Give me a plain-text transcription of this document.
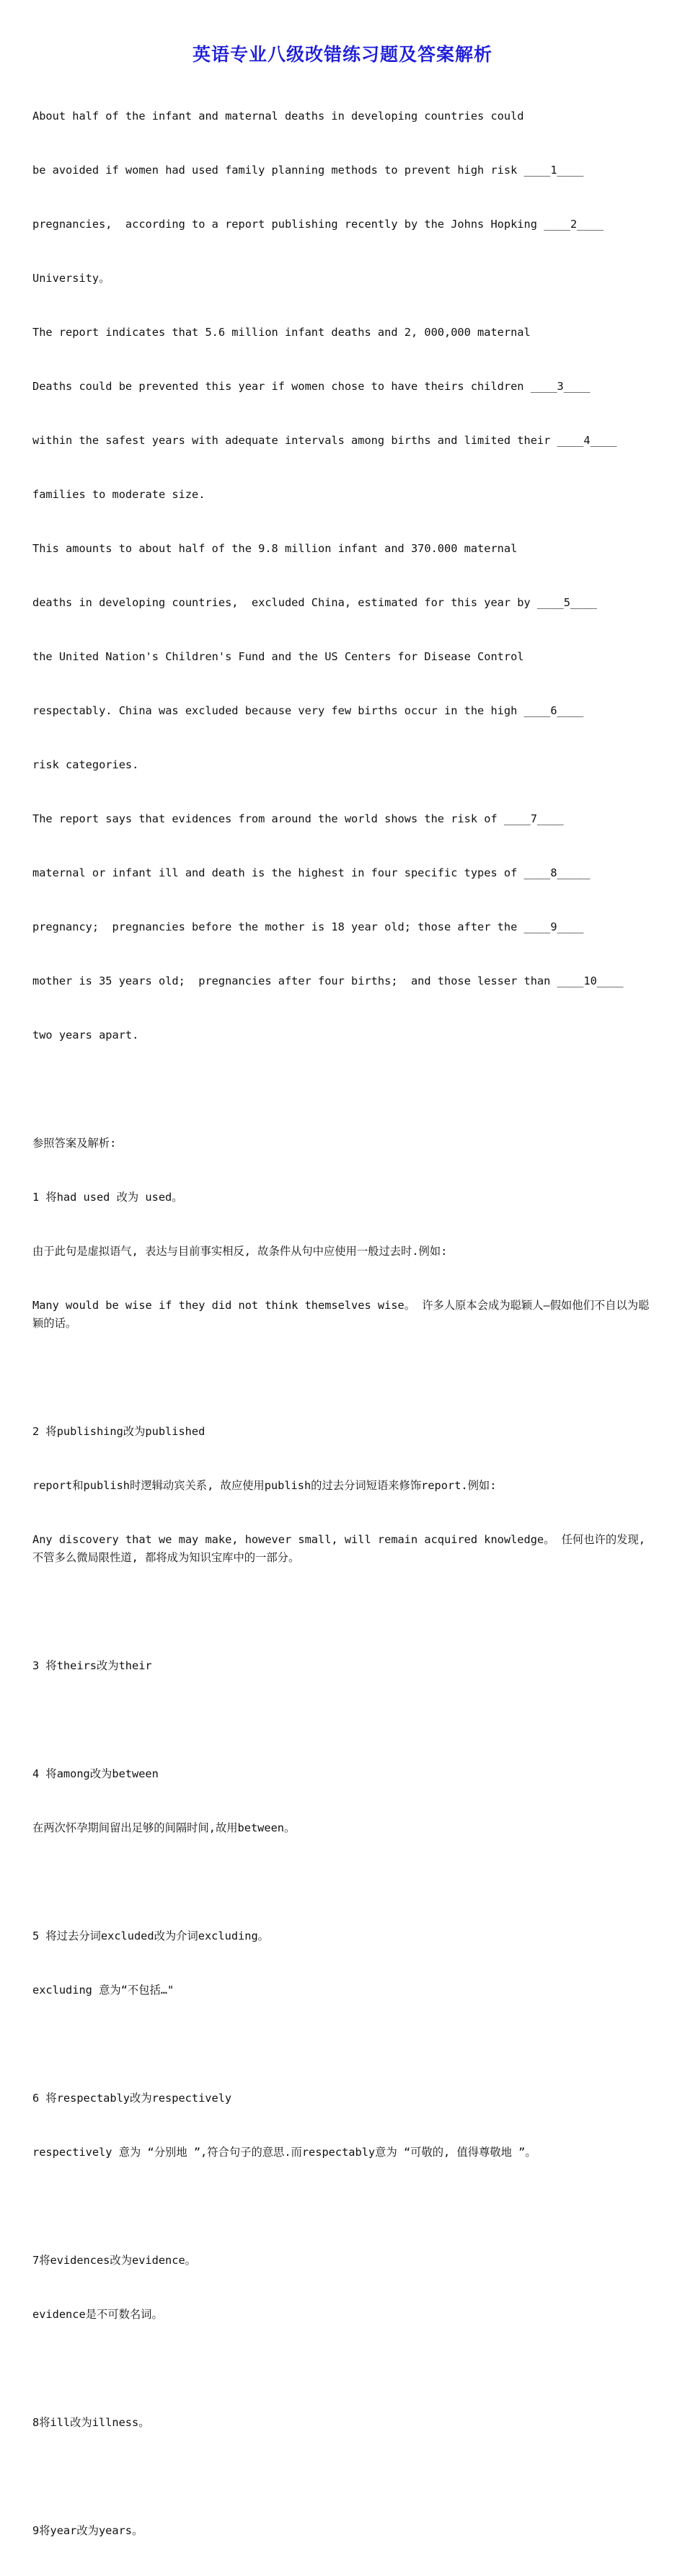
英语专业八级改错练习题及答案解析

About half of the infant and maternal deaths in developing countries could

be avoided if women had used family planning methods to prevent high risk ____1____

pregnancies,  according to a report publishing recently by the Johns Hopking ____2____

University。

The report indicates that 5.6 million infant deaths and 2, 000,000 maternal

Deaths could be prevented this year if women chose to have theirs children ____3____

within the safest years with adequate intervals among births and limited their ____4____

families to moderate size.

This amounts to about half of the 9.8 million infant and 370.000 maternal

deaths in developing countries,  excluded China, estimated for this year by ____5____

the United Nation's Children's Fund and the US Centers for Disease Control

respectably. China was excluded because very few births occur in the high ____6____

risk categories.

The report says that evidences from around the world shows the risk of ____7____

maternal or infant ill and death is the highest in four specific types of ____8_____

pregnancy;  pregnancies before the mother is 18 year old; those after the ____9____

mother is 35 years old;  pregnancies after four births;  and those lesser than ____10____

two years apart.

参照答案及解析:

1 将had used 改为 used。

由于此句是虚拟语气, 表达与目前事实相反, 故条件从句中应使用一般过去时.例如:

Many would be wise if they did not think themselves wise。 许多人原本会成为聪颖人—假如他们不自以为聪颖的话。

2 将publishing改为published

report和publish时逻辑动宾关系, 故应使用publish的过去分词短语来修饰report.例如:

Any discovery that we may make, however small, will remain acquired knowledge。 任何也许的发现, 不管多么微局限性道, 都将成为知识宝库中的一部分。

3 将theirs改为their

4 将among改为between

在两次怀孕期间留出足够的间隔时间,故用between。

5 将过去分词excluded改为介词excluding。

excluding 意为“不包括…"

6 将respectably改为respectively

respectively 意为 “分别地 ”,符合句子的意思.而respectably意为 “可敬的, 值得尊敬地 ”。

7将evidences改为evidence。

evidence是不可数名词。

8将ill改为illness。

9将year改为years。
